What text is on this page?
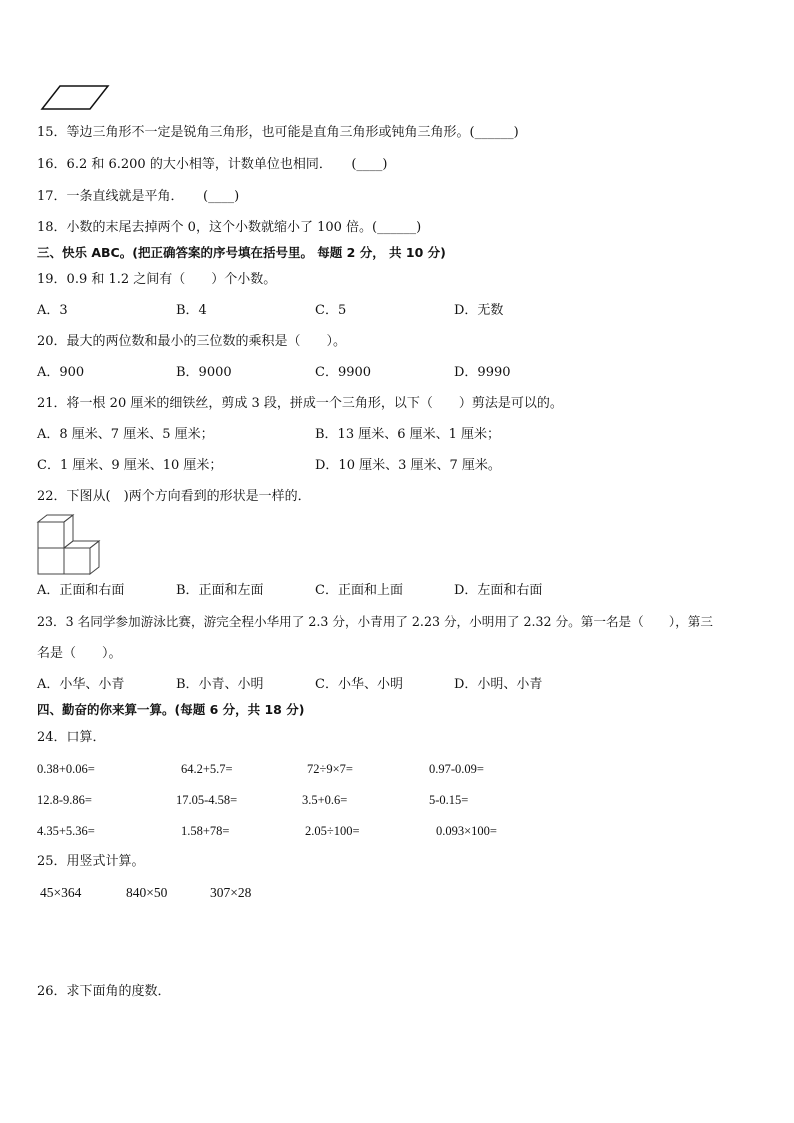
15．等边三角形不一定是锐角三角形，也可能是直角三角形或钝角三角形。(______)
16．6.2 和 6.200 的大小相等，计数单位也相同．　　(____)
17．一条直线就是平角．　　(____)
18．小数的末尾去掉两个 0，这个小数就缩小了 100 倍。(______)
三、快乐 ABC。(把正确答案的序号填在括号里。 每题 2 分， 共 10 分)
19．0.9 和 1.2 之间有（　　）个小数。
A．3	B．4	C．5	D．无数
20．最大的两位数和最小的三位数的乘积是（　　）。
A．900	B．9000	C．9900	D．9990
21．将一根 20 厘米的细铁丝，剪成 3 段，拼成一个三角形，以下（　　）剪法是可以的。
A．8 厘米、7 厘米、5 厘米；	B．13 厘米、6 厘米、1 厘米；
C．1 厘米、9 厘米、10 厘米；	D．10 厘米、3 厘米、7 厘米。
22．下图从(　)两个方向看到的形状是一样的．
A．正面和右面	B．正面和左面	C．正面和上面	D．左面和右面
23．3 名同学参加游泳比赛，游完全程小华用了 2.3 分，小青用了 2.23 分，小明用了 2.32 分。第一名是（　　），第三
名是（　　）。
A．小华、小青	B．小青、小明	C．小华、小明	D．小明、小青
四、勤奋的你来算一算。(每题 6 分，共 18 分)
24．口算．
0.38+0.06=	64.2+5.7=	72÷9×7=	0.97-0.09=
12.8-9.86=	17.05-4.58=	3.5+0.6=	5-0.15=
4.35+5.36=	1.58+78=	2.05÷100=	0.093×100=
25．用竖式计算。
45×364	840×50	307×28
26．求下面角的度数．
